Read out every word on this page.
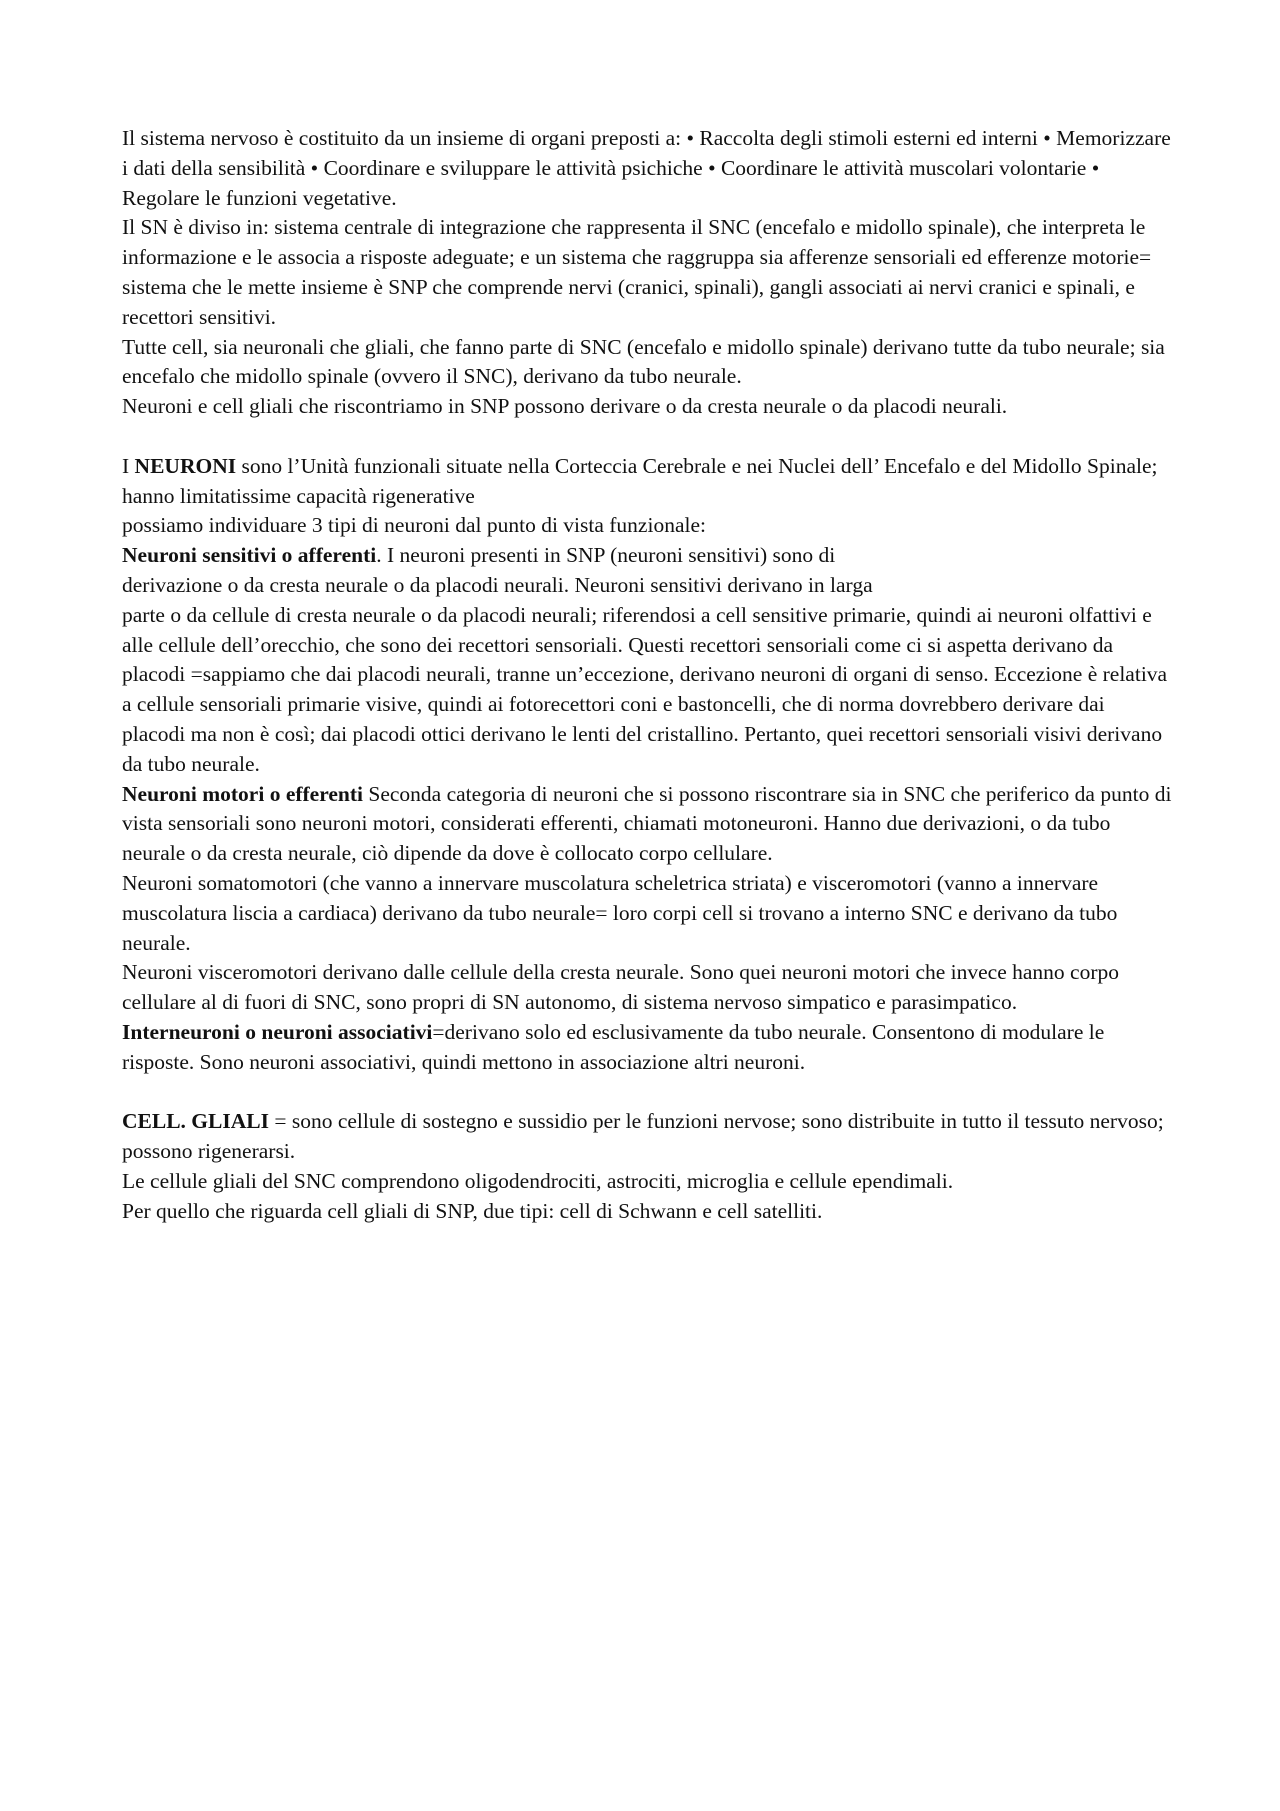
Il sistema nervoso è costituito da un insieme di organi preposti a: • Raccolta degli stimoli esterni ed interni • Memorizzare i dati della sensibilità • Coordinare e sviluppare le attività psichiche • Coordinare le attività muscolari volontarie • Regolare le funzioni vegetative.

Il SN è diviso in: sistema centrale di integrazione che rappresenta il SNC (encefalo e midollo spinale), che interpreta le informazione e le associa a risposte adeguate; e un sistema che raggruppa sia afferenze sensoriali ed efferenze motorie= sistema che le mette insieme è SNP che comprende nervi (cranici, spinali), gangli associati ai nervi cranici e spinali, e recettori sensitivi.

Tutte cell, sia neuronali che gliali, che fanno parte di SNC (encefalo e midollo spinale) derivano tutte da tubo neurale; sia encefalo che midollo spinale (ovvero il SNC), derivano da tubo neurale.

Neuroni e cell gliali che riscontriamo in SNP possono derivare o da cresta neurale o da placodi neurali.

I NEURONI sono l’Unità funzionali situate nella Corteccia Cerebrale e nei Nuclei dell’ Encefalo e del Midollo Spinale; hanno limitatissime capacità rigenerative

possiamo individuare 3 tipi di neuroni dal punto di vista funzionale:

Neuroni sensitivi o afferenti. I neuroni presenti in SNP (neuroni sensitivi) sono di

derivazione o da cresta neurale o da placodi neurali. Neuroni sensitivi derivano in larga

parte o da cellule di cresta neurale o da placodi neurali; riferendosi a cell sensitive primarie, quindi ai neuroni olfattivi e alle cellule dell’orecchio, che sono dei recettori sensoriali. Questi recettori sensoriali come ci si aspetta derivano da placodi =sappiamo che dai placodi neurali, tranne un’eccezione, derivano neuroni di organi di senso. Eccezione è relativa a cellule sensoriali primarie visive, quindi ai fotorecettori coni e bastoncelli, che di norma dovrebbero derivare dai placodi ma non è così; dai placodi ottici derivano le lenti del cristallino. Pertanto, quei recettori sensoriali visivi derivano da tubo neurale.

Neuroni motori o efferenti Seconda categoria di neuroni che si possono riscontrare sia in SNC che periferico da punto di vista sensoriali sono neuroni motori, considerati efferenti, chiamati motoneuroni. Hanno due derivazioni, o da tubo neurale o da cresta neurale, ciò dipende da dove è collocato corpo cellulare.

Neuroni somatomotori (che vanno a innervare muscolatura scheletrica striata) e visceromotori (vanno a innervare muscolatura liscia a cardiaca) derivano da tubo neurale= loro corpi cell si trovano a interno SNC e derivano da tubo neurale.

Neuroni visceromotori derivano dalle cellule della cresta neurale. Sono quei neuroni motori che invece hanno corpo cellulare al di fuori di SNC, sono propri di SN autonomo, di sistema nervoso simpatico e parasimpatico.

Interneuroni o neuroni associativi=derivano solo ed esclusivamente da tubo neurale. Consentono di modulare le risposte. Sono neuroni associativi, quindi mettono in associazione altri neuroni.

CELL. GLIALI = sono cellule di sostegno e sussidio per le funzioni nervose; sono distribuite in tutto il tessuto nervoso; possono rigenerarsi.

Le cellule gliali del SNC comprendono oligodendrociti, astrociti, microglia e cellule ependimali.

Per quello che riguarda cell gliali di SNP, due tipi: cell di Schwann e cell satelliti.
